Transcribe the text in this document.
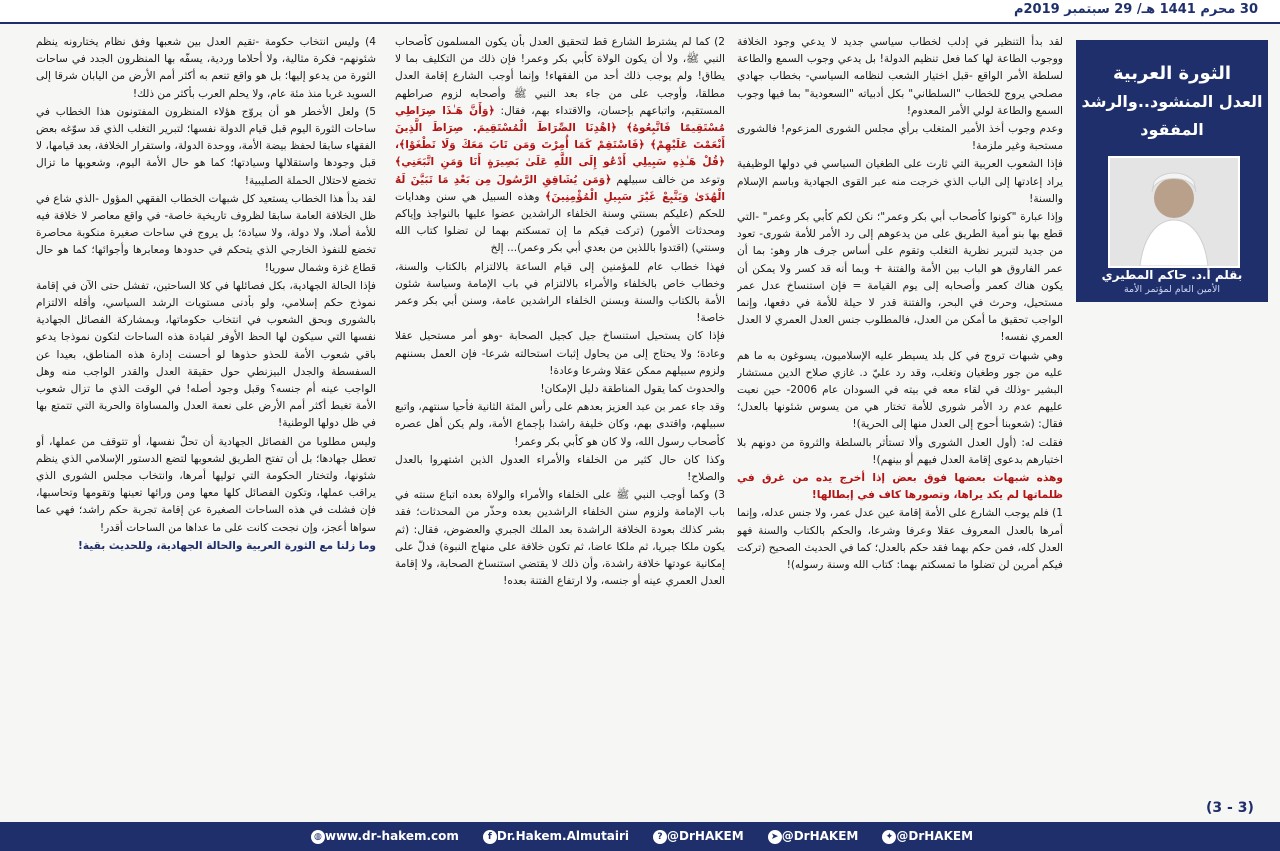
30 محرم 1441 هـ/ 29 سبتمبر 2019م

لقد بدأ التنظير في إدلب لخطاب سياسي جديد لا يدعي وجود الخلافة ووجوب الطاعة لها كما فعل تنظيم الدولة! بل يدعي وجوب السمع والطاعة لسلطة الأمر الواقع -قبل اختيار الشعب لنظامه السياسي- بخطاب جهادي مصلحي يروج للخطاب "السلطاني" بكل أدبياته "السعودية" بما فيها وجوب السمع والطاعة لولي الأمر المعدوم!

وعدم وجوب أخذ الأمير المتغلب برأي مجلس الشورى المزعوم! فالشورى مستحبة وغير ملزمة!

فإذا الشعوب العربية التي ثارت على الطغيان السياسي في دولها الوظيفية يراد إعادتها إلى الباب الذي خرجت منه عبر القوى الجهادية وباسم الإسلام والسنة!

وإذا عبارة "كونوا كأصحاب أبي بكر وعمر"؛ نكن لكم كأبي بكر وعمر" -التي قطع بها بنو أمية الطريق على من يدعوهم إلى رد الأمر للأمة شورى- تعود من جديد لتبرير نظرية التغلب وتقوم على أساس جرف هار وهو: بما أن عمر الفاروق هو الباب بين الأمة والفتنة + وبما أنه قد كسر ولا يمكن أن يكون هناك كعمر وأصحابه إلى يوم القيامة = فإن استنساخ عدل عمر مستحيل، وحرث في البحر، والفتنة قدر لا حيلة للأمة في دفعها، وإنما الواجب تحقيق ما أمكن من العدل، فالمطلوب جنس العدل العمري لا العدل العمري نفسه!

وهي شبهات تروج في كل بلد يسيطر عليه الإسلاميون، يسوغون به ما هم عليه من جور وطغيان وتغلب، وقد رد عليّ د. غازي صلاح الدين مستشار البشير -وذلك في لقاء معه في بيته في السودان عام 2006- حين نعيت عليهم عدم رد الأمر شورى للأمة تختار هي من يسوس شئونها بالعدل؛ فقال: (شعوبنا أحوج إلى العدل منها إلى الحرية)!

فقلت له: (أول العدل الشورى وألا تستأثر بالسلطة والثروة من دونهم بلا اختيارهم بدعوى إقامة العدل فيهم أو بينهم)!

وهذه شبهات بعضها فوق بعض إذا أخرج يده من غرق في ظلماتها لم يكد يراها، وتصورها كاف في إبطالها!

1) فلم يوجب الشارع على الأمة إقامة عين عدل عمر، ولا جنس عدله، وإنما أمرها بالعدل المعروف عقلا وعرفا وشرعا، والحكم بالكتاب والسنة فهو العدل كله، فمن حكم بهما فقد حكم بالعدل؛ كما في الحديث الصحيح (تركت فيكم أمرين لن تضلوا ما تمسكتم بهما: كتاب الله وسنة رسوله)!

2) كما لم يشترط الشارع قط لتحقيق العدل بأن يكون المسلمون كأصحاب النبي ﷺ، ولا أن يكون الولاة كأبي بكر وعمر! فإن ذلك من التكليف بما لا يطاق! ولم يوجب ذلك أحد من الفقهاء! وإنما أوجب الشارع إقامة العدل مطلقا، وأوجب على من جاء بعد النبي ﷺ وأصحابه لزوم صراطهم المستقيم، واتباعهم بإحسان، والاقتداء بهم، فقال: ﴿وَأَنَّ هَـٰذَا صِرَاطِي مُسْتَقِيمًا فَاتَّبِعُوهُ﴾ ﴿اهْدِنَا الصِّرَاطَ الْمُسْتَقِيمَ. صِرَاطَ الَّذِينَ أَنْعَمْتَ عَلَيْهِمْ﴾ ﴿فَاسْتَقِمْ كَمَا أُمِرْتَ وَمَن تَابَ مَعَكَ وَلَا تَطْغَوْا﴾، ﴿قُلْ هَـٰذِهِ سَبِيلِي أَدْعُو إِلَى اللَّهِ عَلَىٰ بَصِيرَةٍ أَنَا وَمَنِ اتَّبَعَنِي﴾ وتوعد من خالف سبيلهم ﴿وَمَن يُشَاقِقِ الرَّسُولَ مِن بَعْدِ مَا تَبَيَّنَ لَهُ الْهُدَىٰ وَيَتَّبِعْ غَيْرَ سَبِيلِ الْمُؤْمِنِينَ﴾ وهذه السبيل هي سنن وهدايات للحكم (عليكم بسنتي وسنة الخلفاء الراشدين عضوا عليها بالنواجذ وإياكم ومحدثات الأمور) (تركت فيكم ما إن تمسكتم بهما لن تضلوا كتاب الله وسنتي) (اقتدوا باللذين من بعدي أبي بكر وعمر)... إلخ

فهذا خطاب عام للمؤمنين إلى قيام الساعة بالالتزام بالكتاب والسنة، وخطاب خاص بالخلفاء والأمراء بالالتزام في باب الإمامة وسياسة شئون الأمة بالكتاب والسنة وبسنن الخلفاء الراشدين عامة، وسنن أبي بكر وعمر خاصة!

فإذا كان يستحيل استنساخ جيل كجيل الصحابة -وهو أمر مستحيل عقلا وعادة؛ ولا يحتاج إلى من يحاول إثبات استحالته شرعا- فإن العمل بسننهم ولزوم سبيلهم ممكن عقلا وشرعا وعادة!

والحدوث كما يقول المناطقة دليل الإمكان!

وقد جاء عمر بن عبد العزيز بعدهم على رأس المئة الثانية فأحيا سنتهم، واتبع سبيلهم، واقتدى بهم، وكان خليفة راشدا بإجماع الأمة، ولم يكن أهل عصره كأصحاب رسول الله، ولا كان هو كأبي بكر وعمر!

وكذا كان حال كثير من الخلفاء والأمراء العدول الذين اشتهروا بالعدل والصلاح!

3) وكما أوجب النبي ﷺ على الخلفاء والأمراء والولاة بعده اتباع سنته في باب الإمامة ولزوم سنن الخلفاء الراشدين بعده وحذّر من المحدثات؛ فقد بشر كذلك بعودة الخلافة الراشدة بعد الملك الجبري والعضوض، فقال: (ثم يكون ملكا جبريا، ثم ملكا عاضا، ثم تكون خلافة على منهاج النبوة) فدلّ على إمكانية عودتها خلافة راشدة، وأن ذلك لا يقتضي استنساخ الصحابة، ولا إقامة العدل العمري عينه أو جنسه، ولا ارتفاع الفتنة بعده!

4) وليس انتخاب حكومة -تقيم العدل بين شعبها وفق نظام يختارونه ينظم شئونهم- فكرة مثالية، ولا أحلاما وردية، يسفّه بها المنظرون الجدد في ساحات الثورة من يدعو إليها؛ بل هو واقع تنعم به أكثر أمم الأرض من اليابان شرقا إلى السويد غربا منذ مئة عام، ولا يحلم العرب بأكثر من ذلك!

5) ولعل الأخطر هو أن يروّج هؤلاء المنظرون المفتونون هذا الخطاب في ساحات الثورة اليوم قبل قيام الدولة نفسها؛ لتبرير التغلب الذي قد سوّغه بعض الفقهاء سابقا لحفظ بيضة الأمة، ووحدة الدولة، واستقرار الخلافة، بعد قيامها، لا قبل وجودها واستقلالها وسيادتها؛ كما هو حال الأمة اليوم، وشعوبها ما تزال تخضع لاحتلال الحملة الصليبية!

لقد بدأ هذا الخطاب يستعيد كل شبهات الخطاب الفقهي المؤول -الذي شاع في ظل الخلافة العامة سابقا لظروف تاريخية خاصة- في واقع معاصر لا خلافة فيه للأمة أصلا، ولا دولة، ولا سيادة؛ بل يروج في ساحات صغيرة منكوبة محاصرة تخضع للنفوذ الخارجي الذي يتحكم في حدودها ومعابرها وأجوائها؛ كما هو حال قطاع غزة وشمال سوريا!

فإذا الحالة الجهادية، بكل فصائلها في كلا الساحتين، تفشل حتى الآن في إقامة نموذج حكم إسلامي، ولو بأدنى مستويات الرشد السياسي، وأقله الالتزام بالشورى وبحق الشعوب في انتخاب حكوماتها، وبمشاركة الفصائل الجهادية نفسها التي سيكون لها الحظ الأوفر لقيادة هذه الساحات لتكون نموذجا يدعو باقي شعوب الأمة للحذو حذوها لو أحسنت إدارة هذه المناطق، بعيدا عن السفسطة والجدل البيزنطي حول حقيقة العدل والقدر الواجب منه وهل الواجب عينه أم جنسه؟ وقبل وجود أصله! في الوقت الذي ما تزال شعوب الأمة تغبط أكثر أمم الأرض على نعمة العدل والمساواة والحرية التي تتمتع بها في ظل دولها الوطنية!

وليس مطلوبا من الفصائل الجهادية أن تحلّ نفسها، أو تتوقف من عملها، أو تعطل جهادها؛ بل أن تفتح الطريق لشعوبها لتضع الدستور الإسلامي الذي ينظم شئونها، ولتختار الحكومة التي توليها أمرها، وانتخاب مجلس الشورى الذي يراقب عملها، وتكون الفصائل كلها معها ومن ورائها تعينها وتقومها وتحاسبها، فإن فشلت في هذه الساحات الصغيرة عن إقامة تجربة حكم راشد؛ فهي عما سواها أعجز، وإن نجحت كانت على ما عداها من الساحات أقدر!

وما زلنا مع الثورة العربية والحالة الجهادية، وللحديث بقية!

الثورة العربية
العدل المنشود..والرشد المفقود
بقلم أ.د. حاكم المطيري
الأمين العام لمؤتمر الأمة
(3 - 3)
◍ www.dr-hakem.com	f Dr.Hakem.Almutairi	? @DrHAKEM	➤ @DrHAKEM	✦ @DrHAKEM
